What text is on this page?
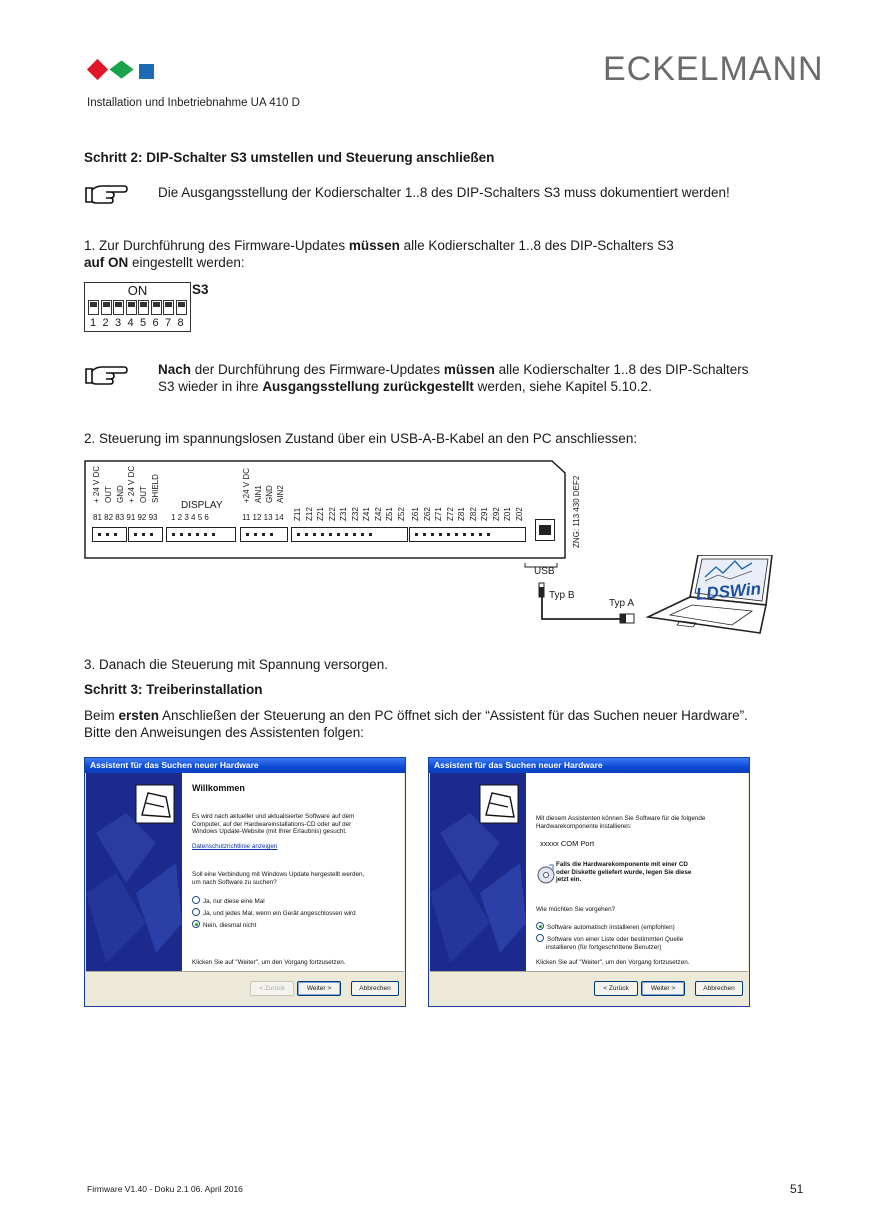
ECKELMANN
Installation und Inbetriebnahme UA 410 D
Schritt 2: DIP-Schalter S3 umstellen und Steuerung anschließen
Die Ausgangsstellung der Kodierschalter 1..8 des DIP-Schalters S3 muss dokumentiert werden!
1. Zur Durchführung des Firmware-Updates müssen alle Kodierschalter 1..8 des DIP-Schalters S3
auf ON eingestellt werden:
ON
1 2 3 4 5 6 7 8
S3
Nach der Durchführung des Firmware-Updates müssen alle Kodierschalter 1..8 des DIP-Schalters
S3 wieder in ihre Ausgangsstellung zurückgestellt werden, siehe Kapitel 5.10.2.
2. Steuerung im spannungslosen Zustand über ein USB-A-B-Kabel an den PC anschliessen:
+ 24 V DC OUT GND + 24 V DC OUT SHIELD	+24 V DC AIN1 GND AIN2	ZNG: 113 430 DEF2
81 82 83 91 92 93
DISPLAY
1 2 3 4 5 6	11 12 13 14 Z11 Z12 Z21 Z22 Z31 Z32 Z41 Z42 Z51 Z52 Z61 Z62 Z71 Z72 Z81 Z82 Z91 Z92 Z01 Z02
USB
Typ B
Typ A	LDSWin
3. Danach die Steuerung mit Spannung versorgen.
Schritt 3: Treiberinstallation
Beim ersten Anschließen der Steuerung an den PC öffnet sich der “Assistent für das Suchen neuer Hardware”.
Bitte den Anweisungen des Assistenten folgen:
Assistent für das Suchen neuer Hardware
Willkommen
Es wird nach aktueller und aktualisierter Software auf dem
Computer, auf der Hardwareinstallations-CD oder auf der
Windows Update-Website (mit Ihrer Erlaubnis) gesucht.
Datenschutzrichtlinie anzeigen
Soll eine Verbindung mit Windows Update hergestellt werden,
um nach Software zu suchen?
Ja, nur diese eine Mal
Ja, und jedes Mal, wenn ein Gerät angeschlossen wird
Nein, diesmal nicht
Klicken Sie auf "Weiter", um den Vorgang fortzusetzen.
< Zurück	Weiter >	Abbrechen
Assistent für das Suchen neuer Hardware
Mit diesem Assistenten können Sie Software für die folgende
Hardwarekomponente installieren:
xxxxx COM Port
Falls die Hardwarekomponente mit einer CD
oder Diskette geliefert wurde, legen Sie diese
jetzt ein.
Wie möchten Sie vorgehen?
Software automatisch installieren (empfohlen)
Software von einer Liste oder bestimmten Quelle
installieren (für fortgeschrittene Benutzer)
Klicken Sie auf "Weiter", um den Vorgang fortzusetzen.
< Zurück	Weiter >	Abbrechen
Firmware V1.40 - Doku 2.1 06. April 2016	51
